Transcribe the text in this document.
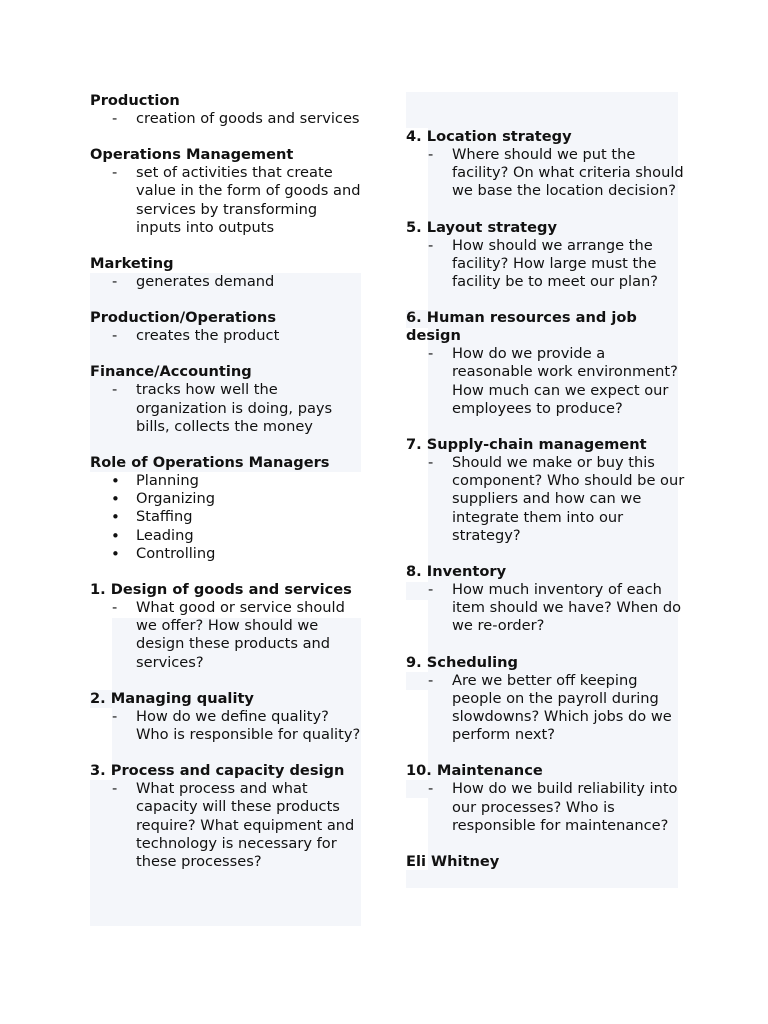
Production
- creation of goods and services
Operations Management
- set of activities that create value in the form of goods and services by transforming inputs into outputs
Marketing
- generates demand
Production/Operations
- creates the product
Finance/Accounting
- tracks how well the organization is doing, pays bills, collects the money
Role of Operations Managers
• Planning
• Organizing
• Staffing
• Leading
• Controlling
1. Design of goods and services
- What good or service should we offer? How should we design these products and services?
2. Managing quality
- How do we define quality? Who is responsible for quality?
3. Process and capacity design
- What process and what capacity will these products require? What equipment and technology is necessary for these processes?
4. Location strategy
- Where should we put the facility? On what criteria should we base the location decision?
5. Layout strategy
- How should we arrange the facility? How large must the facility be to meet our plan?
6. Human resources and job design
- How do we provide a reasonable work environment? How much can we expect our employees to produce?
7. Supply-chain management
- Should we make or buy this component? Who should be our suppliers and how can we integrate them into our strategy?
8. Inventory
- How much inventory of each item should we have? When do we re-order?
9. Scheduling
- Are we better off keeping people on the payroll during slowdowns? Which jobs do we perform next?
10. Maintenance
- How do we build reliability into our processes? Who is responsible for maintenance?
Eli Whitney
